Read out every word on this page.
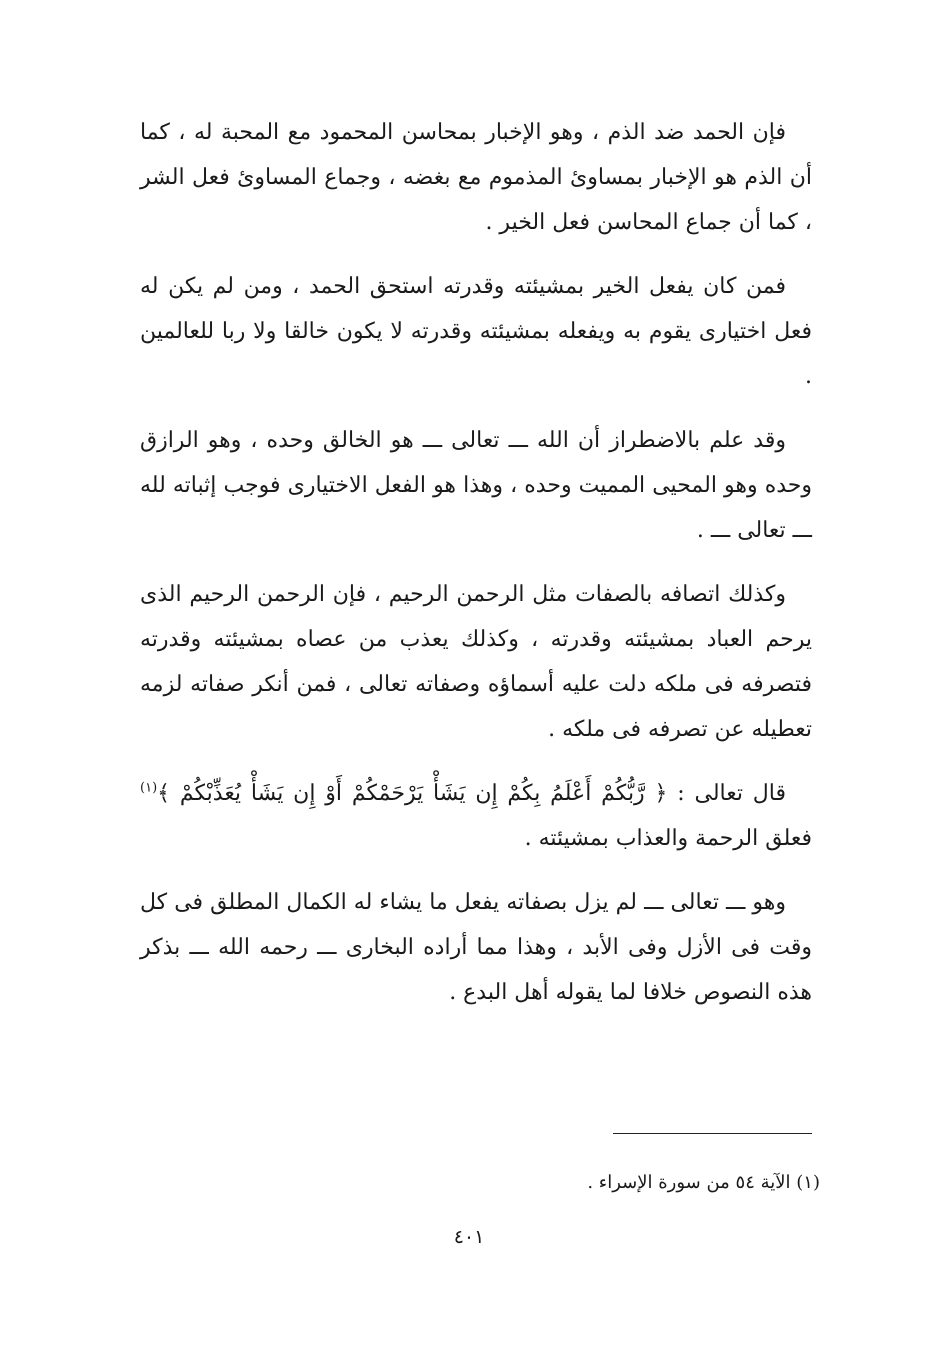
فإن الحمد ضد الذم ، وهو الإخبار بمحاسن المحمود مع المحبة له ، كما أن الذم هو الإخبار بمساوئ المذموم مع بغضه ، وجماع المساوئ فعل الشر ، كما أن جماع المحاسن فعل الخير .

فمن كان يفعل الخير بمشيئته وقدرته استحق الحمد ، ومن لم يكن له فعل اختيارى يقوم به ويفعله بمشيئته وقدرته لا يكون خالقا ولا ربا للعالمين .

وقد علم بالاضطراز أن الله ـــ تعالى ـــ هو الخالق وحده ، وهو الرازق وحده وهو المحيى المميت وحده ، وهذا هو الفعل الاختيارى فوجب إثباته لله ـــ تعالى ـــ .

وكذلك اتصافه بالصفات مثل الرحمن الرحيم ، فإن الرحمن الرحيم الذى يرحم العباد بمشيئته وقدرته ، وكذلك يعذب من عصاه بمشيئته وقدرته فتصرفه فى ملكه دلت عليه أسماؤه وصفاته تعالى ، فمن أنكر صفاته لزمه تعطيله عن تصرفه فى ملكه .

قال تعالى : ﴿ رَّبُّكُمْ أَعْلَمُ بِكُمْ إِن يَشَأْ يَرْحَمْكُمْ أَوْ إِن يَشَأْ يُعَذِّبْكُمْ ﴾$^{(١)}$ فعلق الرحمة والعذاب بمشيئته .

وهو ـــ تعالى ـــ لم يزل بصفاته يفعل ما يشاء له الكمال المطلق فى كل وقت فى الأزل وفى الأبد ، وهذا مما أراده البخارى ـــ رحمه الله ـــ بذكر هذه النصوص خلافا لما يقوله أهل البدع .

(١) الآية ٥٤ من سورة الإسراء .
٤٠١
